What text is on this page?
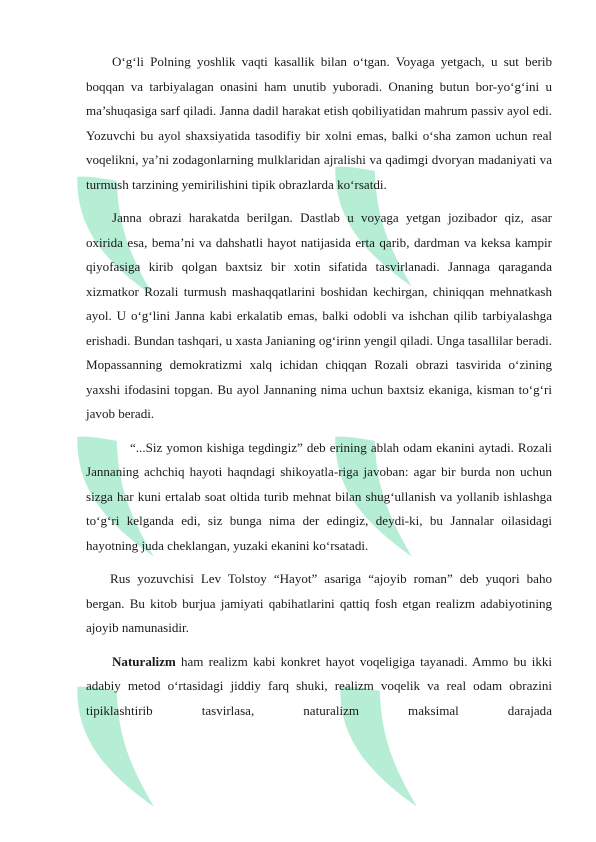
O‘g‘li Polning yoshlik vaqti kasallik bilan o‘tgan. Voyaga yetgach, u sut berib boqqan va tarbiyalagan onasini ham unutib yuboradi. Onaning butun bor-yo‘g‘ini u ma’shuqasiga sarf qiladi. Janna dadil harakat etish qobiliyatidan mahrum passiv ayol edi. Yozuvchi bu ayol shaxsiyatida tasodifiy bir xolni emas, balki o‘sha zamon uchun real voqelikni, ya’ni zodagonlarning mulklaridan ajralishi va qadimgi dvoryan madaniyati va turmush tarzining yemirilishini tipik obrazlarda ko‘rsatdi.

Janna obrazi harakatda berilgan. Dastlab u voyaga yetgan jozibador qiz, asar oxirida esa, bema’ni va dahshatli hayot natijasida erta qarib, dardman va keksa kampir qiyofasiga kirib qolgan baxtsiz bir xotin sifatida tasvirlanadi. Jannaga qaraganda xizmatkor Rozali turmush mashaqqatlarini boshidan kechirgan, chiniqqan mehnatkash ayol. U o‘g‘lini Janna kabi erkalatib emas, balki odobli va ishchan qilib tarbiyalashga erishadi. Bundan tashqari, u xasta Janianing og‘irinn yengil qiladi. Unga tasallilar beradi. Mopassanning demokratizmi xalq ichidan chiqqan Rozali obrazi tasvirida o‘zining yaxshi ifodasini topgan. Bu ayol Jannaning nima uchun baxtsiz ekaniga, kisman to‘g‘ri javob beradi.

“...Siz yomon kishiga tegdingiz” deb erining ablah odam ekanini aytadi. Rozali Jannaning achchiq hayoti haqndagi shikoyatla-riga javoban: agar bir burda non uchun sizga har kuni ertalab soat oltida turib mehnat bilan shug‘ullanish va yollanib ishlashga to‘g‘ri kelganda edi, siz bunga nima der edingiz, deydi-ki, bu Jannalar oilasidagi hayotning juda cheklangan, yuzaki ekanini ko‘rsatadi.

Rus yozuvchisi Lev Tolstoy “Hayot” asariga “ajoyib roman” deb yuqori baho bergan. Bu kitob burjua jamiyati qabihatlarini qattiq fosh etgan realizm adabiyotining ajoyib namunasidir.

Naturalizm ham realizm kabi konkret hayot voqeligiga tayanadi. Ammo bu ikki adabiy metod o‘rtasidagi jiddiy farq shuki, realizm voqelik va real odam obrazini tipiklashtirib tasvirlasa, naturalizm maksimal darajada
